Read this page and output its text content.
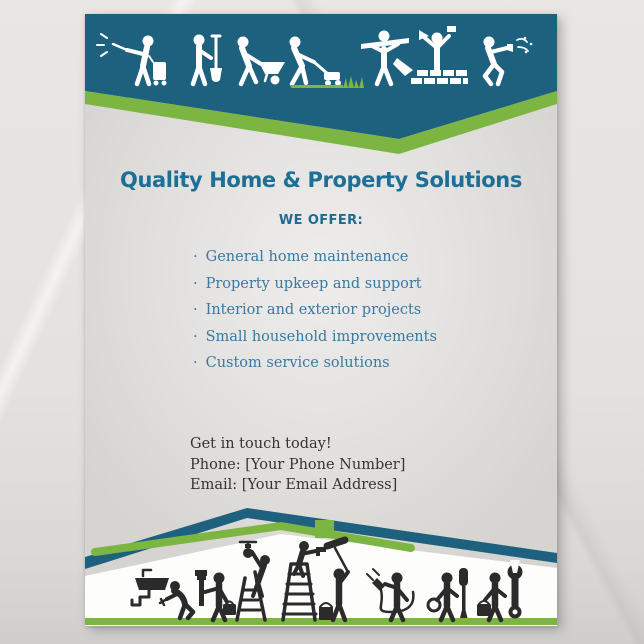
Quality Home & Property Solutions
WE OFFER:
· General home maintenance
· Property upkeep and support
· Interior and exterior projects
· Small household improvements
· Custom service solutions
Get in touch today!
Phone: [Your Phone Number]
Email: [Your Email Address]
